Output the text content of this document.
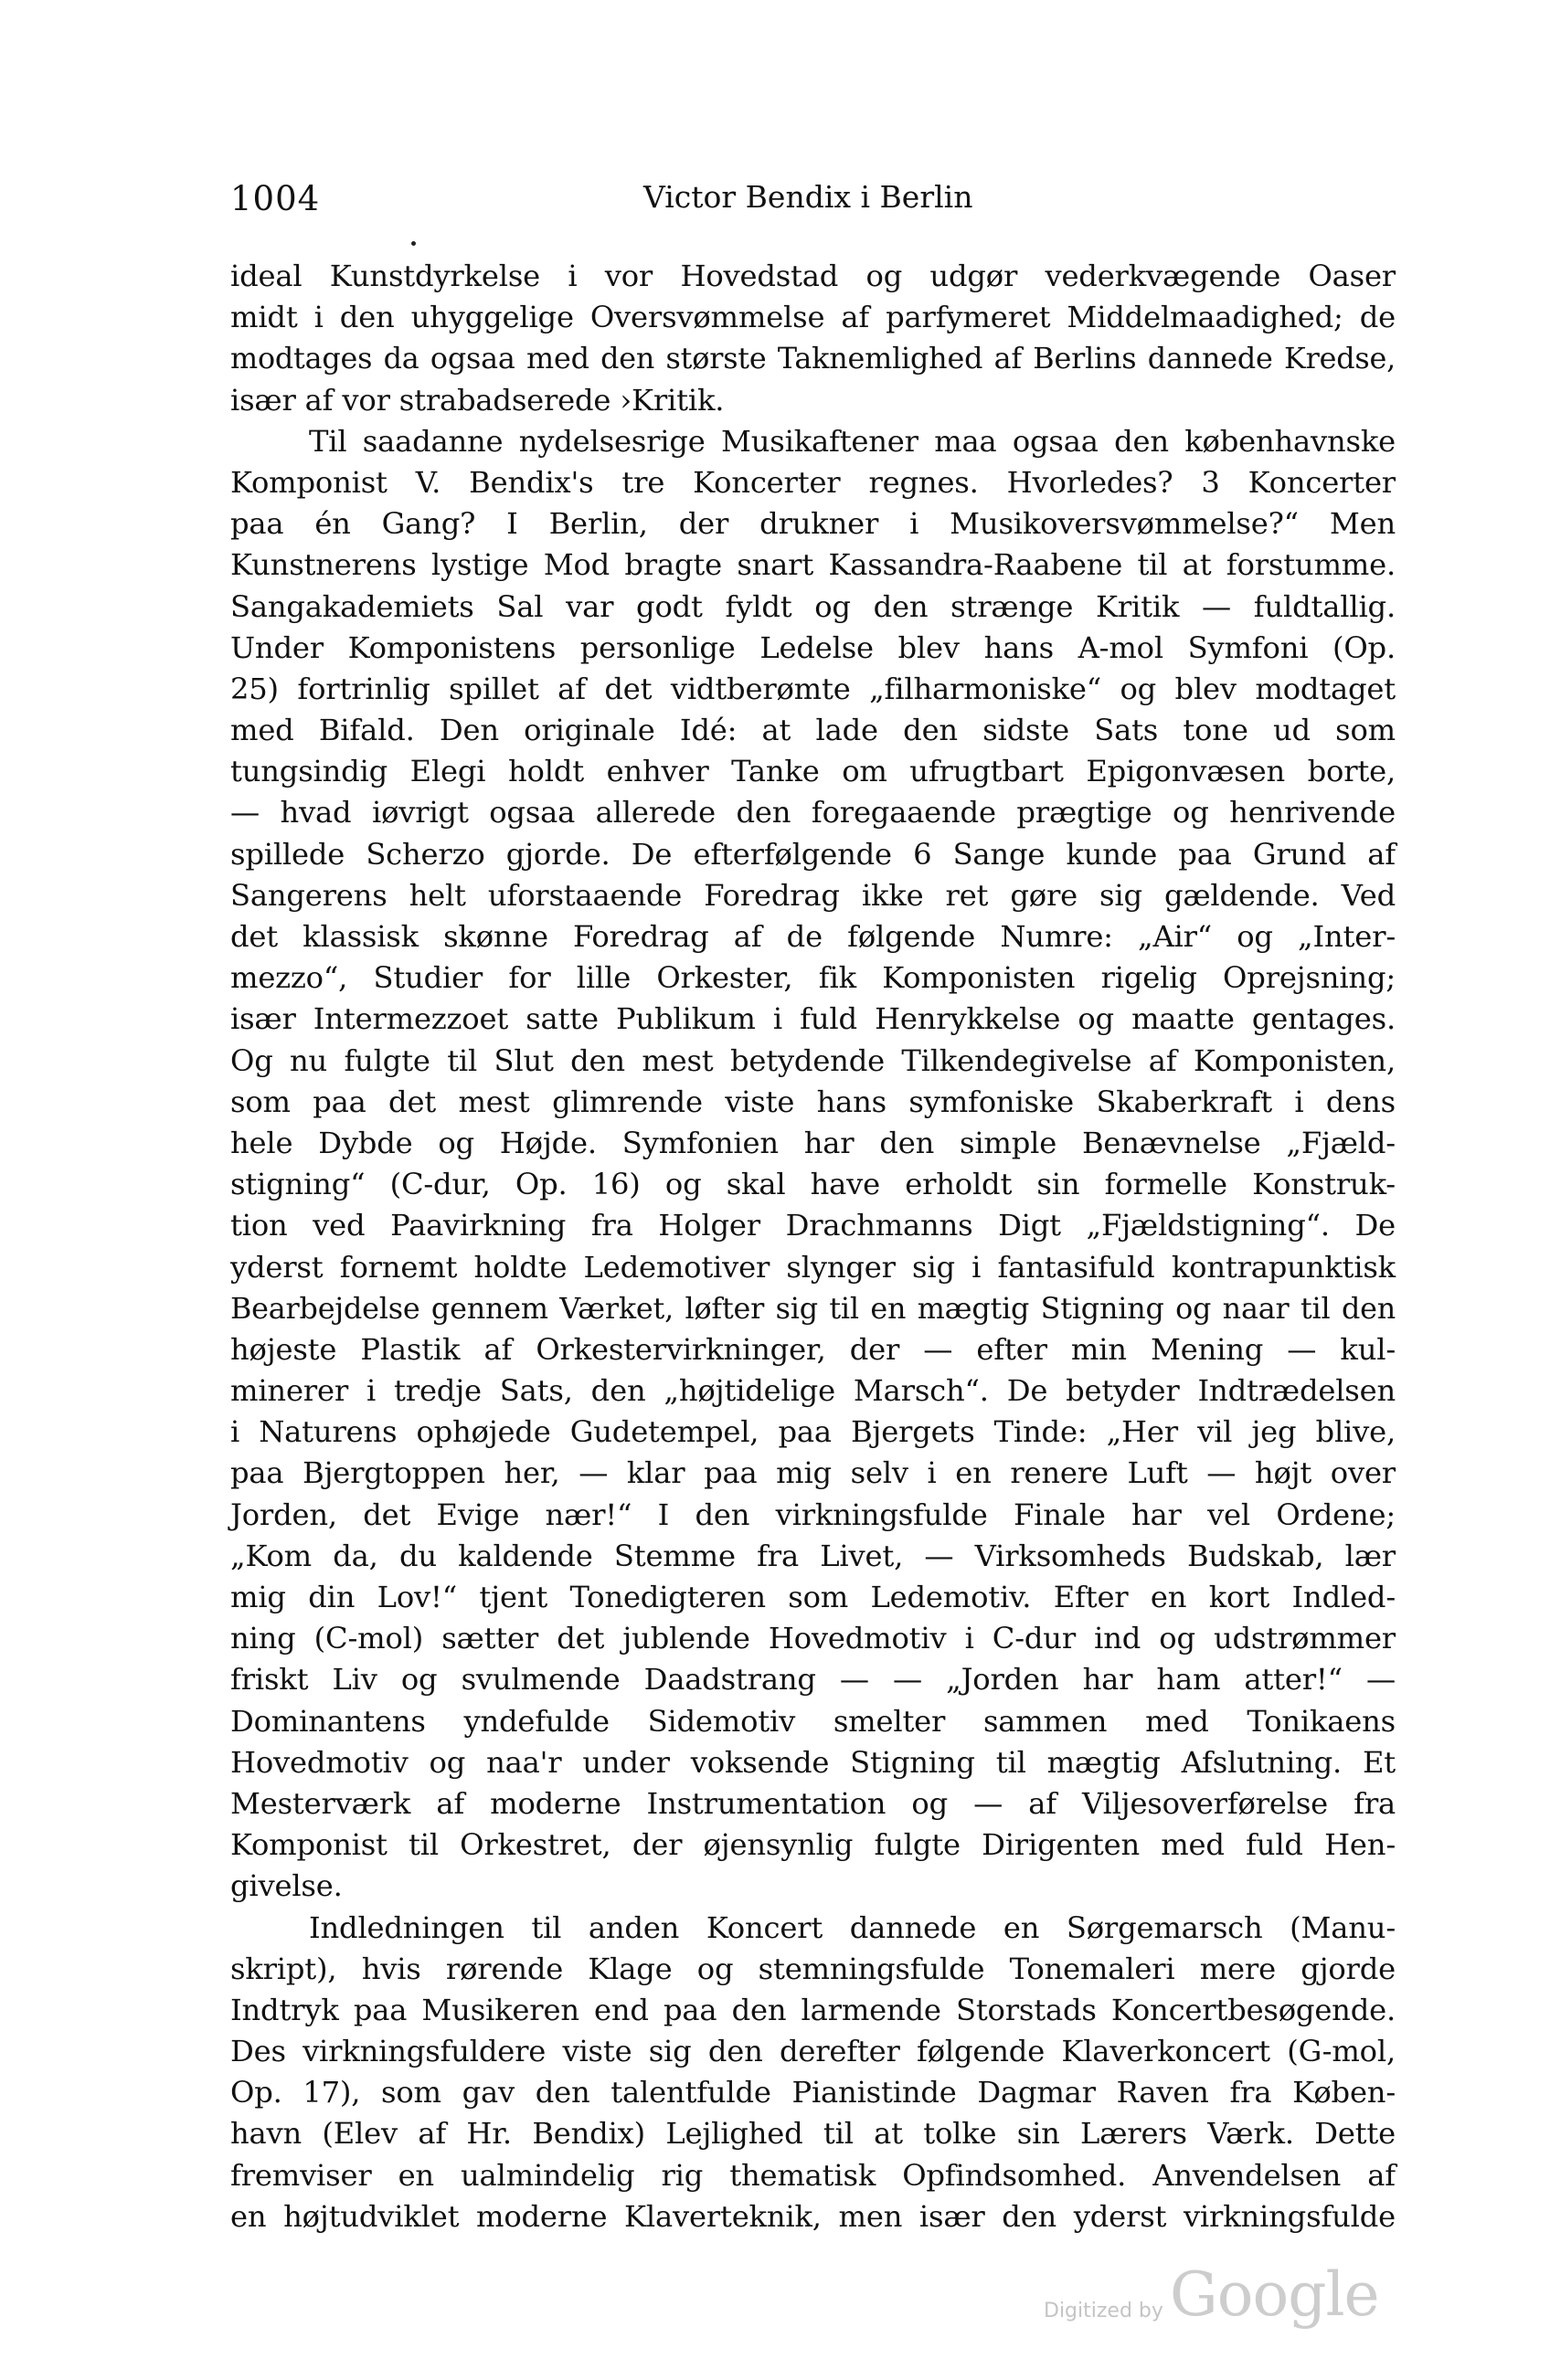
1004	Victor Bendix i Berlin
ideal Kunstdyrkelse i vor Hovedstad og udgør vederkvægende Oaser
midt i den uhyggelige Oversvømmelse af parfymeret Middelmaadighed; de
modtages da ogsaa med den største Taknemlighed af Berlins dannede Kredse,
især af vor strabadserede ›Kritik.
Til saadanne nydelsesrige Musikaftener maa ogsaa den københavnske
Komponist V. Bendix's tre Koncerter regnes. Hvorledes? 3 Koncerter
paa én Gang? I Berlin, der drukner i Musikoversvømmelse?“ Men
Kunstnerens lystige Mod bragte snart Kassandra-Raabene til at forstumme.
Sangakademiets Sal var godt fyldt og den strænge Kritik — fuldtallig.
Under Komponistens personlige Ledelse blev hans A-mol Symfoni (Op.
25) fortrinlig spillet af det vidtberømte „filharmoniske“ og blev modtaget
med Bifald. Den originale Idé: at lade den sidste Sats tone ud som
tungsindig Elegi holdt enhver Tanke om ufrugtbart Epigonvæsen borte,
— hvad iøvrigt ogsaa allerede den foregaaende prægtige og henrivende
spillede Scherzo gjorde. De efterfølgende 6 Sange kunde paa Grund af
Sangerens helt uforstaaende Foredrag ikke ret gøre sig gældende. Ved
det klassisk skønne Foredrag af de følgende Numre: „Air“ og „Inter-
mezzo“, Studier for lille Orkester, fik Komponisten rigelig Oprejsning;
især Intermezzoet satte Publikum i fuld Henrykkelse og maatte gentages.
Og nu fulgte til Slut den mest betydende Tilkendegivelse af Komponisten,
som paa det mest glimrende viste hans symfoniske Skaberkraft i dens
hele Dybde og Højde. Symfonien har den simple Benævnelse „Fjæld-
stigning“ (C-dur, Op. 16) og skal have erholdt sin formelle Konstruk-
tion ved Paavirkning fra Holger Drachmanns Digt „Fjældstigning“. De
yderst fornemt holdte Ledemotiver slynger sig i fantasifuld kontrapunktisk
Bearbejdelse gennem Værket, løfter sig til en mægtig Stigning og naar til den
højeste Plastik af Orkestervirkninger, der — efter min Mening — kul-
minerer i tredje Sats, den „højtidelige Marsch“. De betyder Indtrædelsen
i Naturens ophøjede Gudetempel, paa Bjergets Tinde: „Her vil jeg blive,
paa Bjergtoppen her, — klar paa mig selv i en renere Luft — højt over
Jorden, det Evige nær!“ I den virkningsfulde Finale har vel Ordene;
„Kom da, du kaldende Stemme fra Livet, — Virksomheds Budskab, lær
mig din Lov!“ tjent Tonedigteren som Ledemotiv. Efter en kort Indled-
ning (C-mol) sætter det jublende Hovedmotiv i C-dur ind og udstrømmer
friskt Liv og svulmende Daadstrang — — „Jorden har ham atter!“ —
Dominantens yndefulde Sidemotiv smelter sammen med Tonikaens
Hovedmotiv og naa'r under voksende Stigning til mægtig Afslutning. Et
Mesterværk af moderne Instrumentation og — af Viljesoverførelse fra
Komponist til Orkestret, der øjensynlig fulgte Dirigenten med fuld Hen-
givelse.
Indledningen til anden Koncert dannede en Sørgemarsch (Manu-
skript), hvis rørende Klage og stemningsfulde Tonemaleri mere gjorde
Indtryk paa Musikeren end paa den larmende Storstads Koncertbesøgende.
Des virkningsfuldere viste sig den derefter følgende Klaverkoncert (G-mol,
Op. 17), som gav den talentfulde Pianistinde Dagmar Raven fra Køben-
havn (Elev af Hr. Bendix) Lejlighed til at tolke sin Lærers Værk. Dette
fremviser en ualmindelig rig thematisk Opfindsomhed. Anvendelsen af
en højtudviklet moderne Klaverteknik, men især den yderst virkningsfulde
Digitized by Google
